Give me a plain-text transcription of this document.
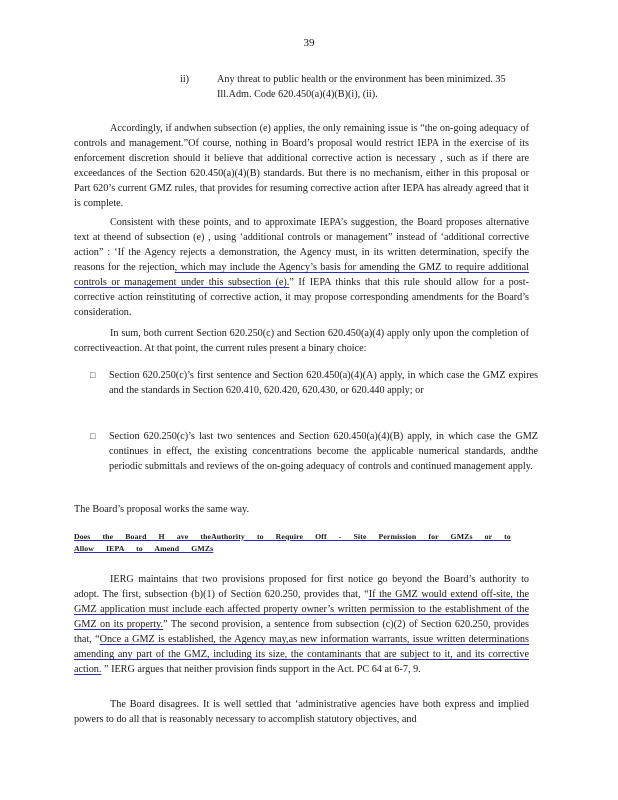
39
ii)	Any threat to public health or the environment has been minimized. 35 Ill.Adm. Code 620.450(a)(4)(B)(i), (ii).

Accordingly, if andwhen subsection (e) applies, the only remaining issue is “the on-going adequacy of controls and management.”Of course, nothing in Board’s proposal would restrict IEPA in the exercise of its enforcement discretion should it believe that additional corrective action is necessary , such as if there are exceedances of the Section 620.450(a)(4)(B) standards. But there is no mechanism, either in this proposal or Part 620’s current GMZ rules, that provides for resuming corrective action after IEPA has already agreed that it is complete.

Consistent with these points, and to approximate IEPA’s suggestion, the Board proposes alternative text at theend of subsection (e) , using ‘additional controls or management” instead of ‘additional corrective action” : ‘If the Agency rejects a demonstration, the Agency must, in its written determination, specify the reasons for the rejection, which may include the Agency’s basis for amending the GMZ to require additional controls or management under this subsection (e).” If IEPA thinks that this rule should allow for a post-corrective action reinstituting of corrective action, it may propose corresponding amendments for the Board’s consideration.

In sum, both current Section 620.250(c) and Section 620.450(a)(4) apply only upon the completion of correctiveaction. At that point, the current rules present a binary choice:

□	Section 620.250(c)’s first sentence and Section 620.450(a)(4)(A) apply, in which case the GMZ expires and the standards in Section 620.410, 620.420, 620.430, or 620.440 apply; or

□	Section 620.250(c)’s last two sentences and Section 620.450(a)(4)(B) apply, in which case the GMZ continues in effect, the existing concentrations become the applicable numerical standards, andthe periodic submittals and reviews of the on-going adequacy of controls and continued management apply.

The Board’s proposal works the same way.

Does the Board H ave theAuthority to Require Off - Site Permission for GMZs or to Allow IEPA to Amend GMZs

IERG maintains that two provisions proposed for first notice go beyond the Board’s authority to adopt. The first, subsection (b)(1) of Section 620.250, provides that, “If the GMZ would extend off-site, the GMZ application must include each affected property owner’s written permission to the establishment of the GMZ on its property.” The second provision, a sentence from subsection (c)(2) of Section 620.250, provides that, “Once a GMZ is established, the Agency may,as new information warrants, issue written determinations amending any part of the GMZ, including its size, the contaminants that are subject to it, and its corrective action. ” IERG argues that neither provision finds support in the Act. PC 64 at 6-7, 9.

The Board disagrees. It is well settled that ‘administrative agencies have both express and implied powers to do all that is reasonably necessary to accomplish statutory objectives, and
